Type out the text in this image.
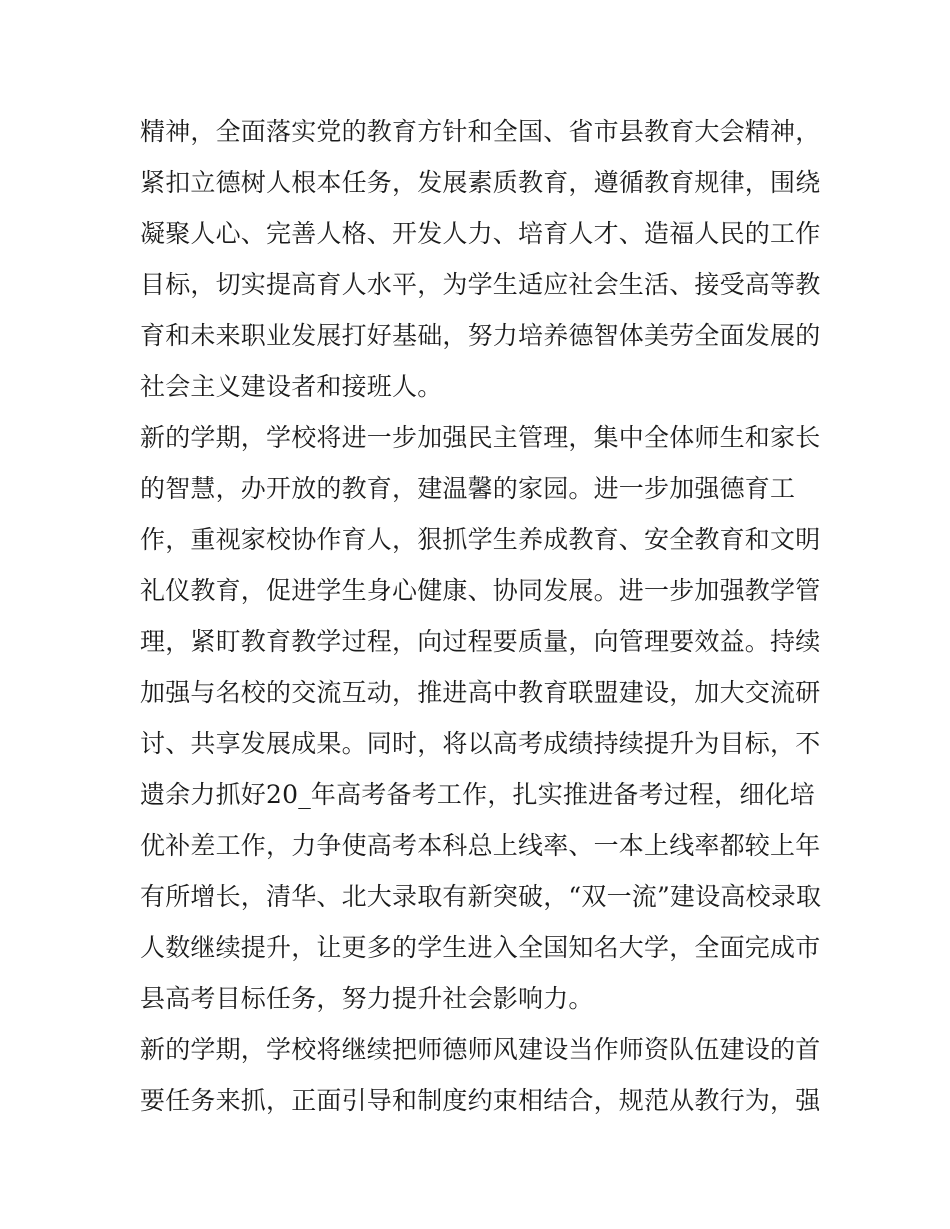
精神，全面落实党的教育方针和全国、省市县教育大会精神，
紧扣立德树人根本任务，发展素质教育，遵循教育规律，围绕
凝聚人心、完善人格、开发人力、培育人才、造福人民的工作
目标，切实提高育人水平，为学生适应社会生活、接受高等教
育和未来职业发展打好基础，努力培养德智体美劳全面发展的
社会主义建设者和接班人。
新的学期，学校将进一步加强民主管理，集中全体师生和家长
的智慧，办开放的教育，建温馨的家园。进一步加强德育工
作，重视家校协作育人，狠抓学生养成教育、安全教育和文明
礼仪教育，促进学生身心健康、协同发展。进一步加强教学管
理，紧盯教育教学过程，向过程要质量，向管理要效益。持续
加强与名校的交流互动，推进高中教育联盟建设，加大交流研
讨、共享发展成果。同时，将以高考成绩持续提升为目标，不
遗余力抓好20_年高考备考工作，扎实推进备考过程，细化培
优补差工作，力争使高考本科总上线率、一本上线率都较上年
有所增长，清华、北大录取有新突破，“双一流”建设高校录取
人数继续提升，让更多的学生进入全国知名大学，全面完成市
县高考目标任务，努力提升社会影响力。
新的学期，学校将继续把师德师风建设当作师资队伍建设的首
要任务来抓，正面引导和制度约束相结合，规范从教行为，强
